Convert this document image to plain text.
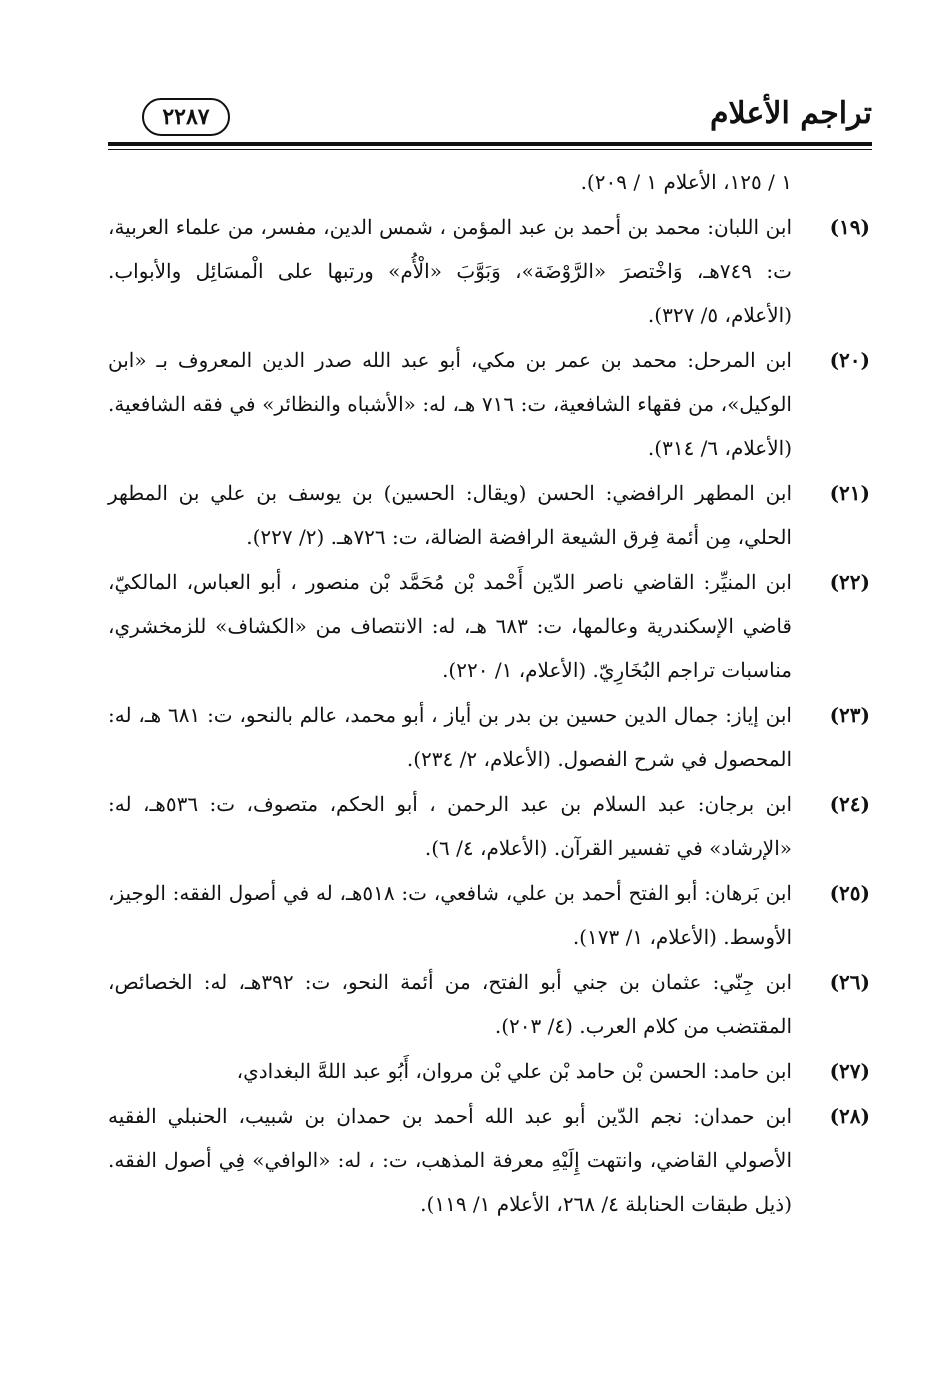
تراجم الأعلام
٢٢٨٧
١ / ١٢٥، الأعلام ١ / ٢٠٩).
(١٩)
ابن اللبان: محمد بن أحمد بن عبد المؤمن ، شمس الدين، مفسر، من علماء العربية، ت: ٧٤٩هـ، وَاخْتصرَ «الرَّوْضَة»، وَبَوَّبَ «الْأُم» ورتبها على الْمسَائِل والأبواب. (الأعلام، ٥/ ٣٢٧).
(٢٠)
ابن المرحل: محمد بن عمر بن مكي، أبو عبد الله صدر الدين المعروف بـ «ابن الوكيل»، من فقهاء الشافعية، ت: ٧١٦ هـ، له: «الأشباه والنظائر» في فقه الشافعية. (الأعلام، ٦/ ٣١٤).
(٢١)
ابن المطهر الرافضي: الحسن (ويقال: الحسين) بن يوسف بن علي بن المطهر الحلي، مِن أئمة فِرق الشيعة الرافضة الضالة، ت: ٧٢٦هـ. (٢/ ٢٢٧).
(٢٢)
ابن المنيِّر: القاضي ناصر الدّين أَحْمد بْن مُحَمَّد بْن منصور ، أبو العباس، المالكيّ، قاضي الإسكندرية وعالمها، ت: ٦٨٣ هـ، له: الانتصاف من «الكشاف» للزمخشري، مناسبات تراجم البُخَارِيّ. (الأعلام، ١/ ٢٢٠).
(٢٣)
ابن إياز: جمال الدين حسين بن بدر بن أياز ، أبو محمد، عالم بالنحو، ت: ٦٨١ هـ، له: المحصول في شرح الفصول. (الأعلام، ٢/ ٢٣٤).
(٢٤)
ابن برجان: عبد السلام بن عبد الرحمن ، أبو الحكم، متصوف، ت: ٥٣٦هـ، له: «الإرشاد» في تفسير القرآن. (الأعلام، ٤/ ٦).
(٢٥)
ابن بَرهان: أبو الفتح أحمد بن علي، شافعي، ت: ٥١٨هـ، له في أصول الفقه: الوجيز، الأوسط. (الأعلام، ١/ ١٧٣).
(٢٦)
ابن جِنّي: عثمان بن جني أبو الفتح، من أئمة النحو، ت: ٣٩٢هـ، له: الخصائص، المقتضب من كلام العرب. (٤/ ٢٠٣).
(٢٧)
ابن حامد: الحسن بْن حامد بْن علي بْن مروان، أَبُو عبد اللهَّ البغدادي،
(٢٨)
ابن حمدان: نجم الدّين أبو عبد الله أحمد بن حمدان بن شبيب، الحنبلي الفقيه الأصولي القاضي، وانتهت إِلَيْهِ معرفة المذهب، ت: ، له: «الوافي» فِي أصول الفقه. (ذيل طبقات الحنابلة ٤/ ٢٦٨، الأعلام ١/ ١١٩).
